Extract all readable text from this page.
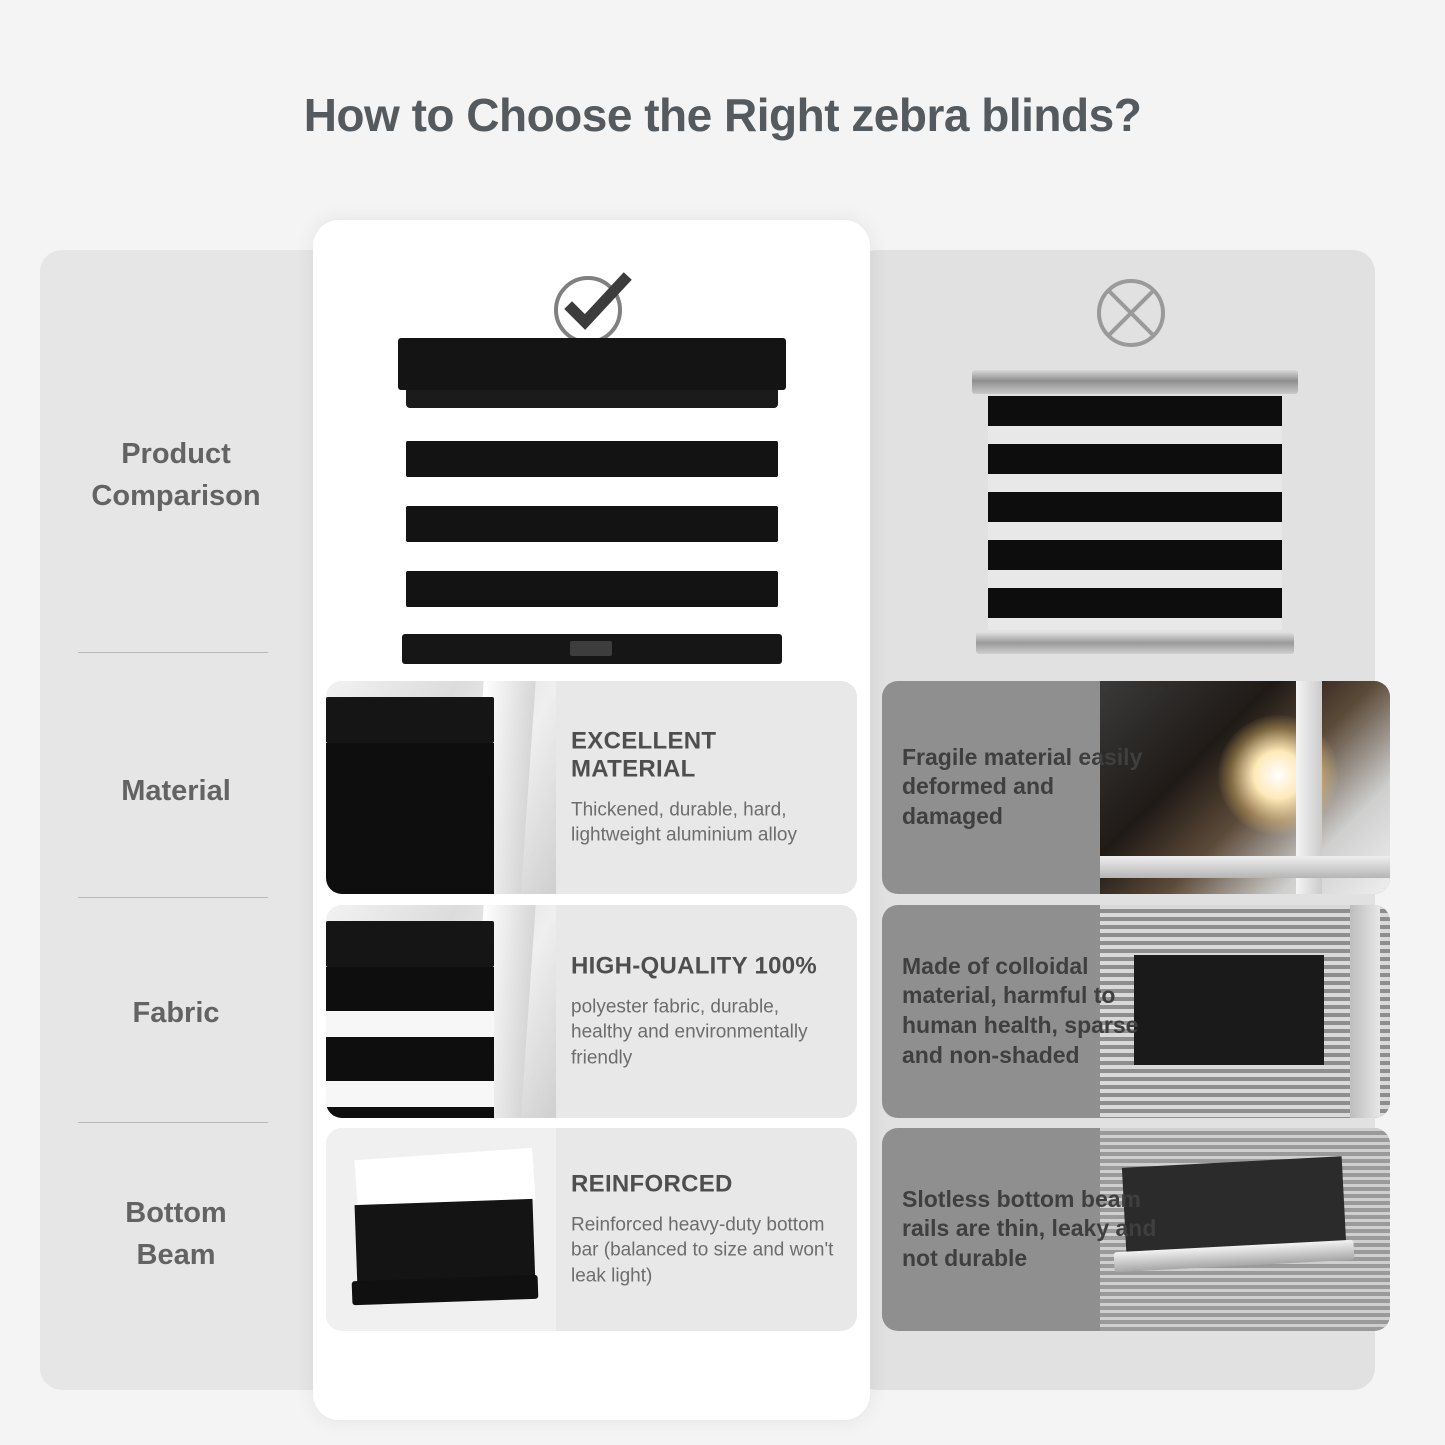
How to Choose the Right zebra blinds?
Product
Comparison
Material
Fabric
Bottom
Beam
EXCELLENT MATERIAL

Thickened, durable, hard, lightweight aluminium alloy

HIGH-QUALITY 100%

polyester fabric, durable, healthy and environmentally friendly

REINFORCED

Reinforced heavy-duty bottom bar (balanced to size and won't leak light)

Fragile material easily deformed and damaged
Made of colloidal material, harmful to human health, sparse and non-shaded
Slotless bottom beam rails are thin, leaky and not durable
